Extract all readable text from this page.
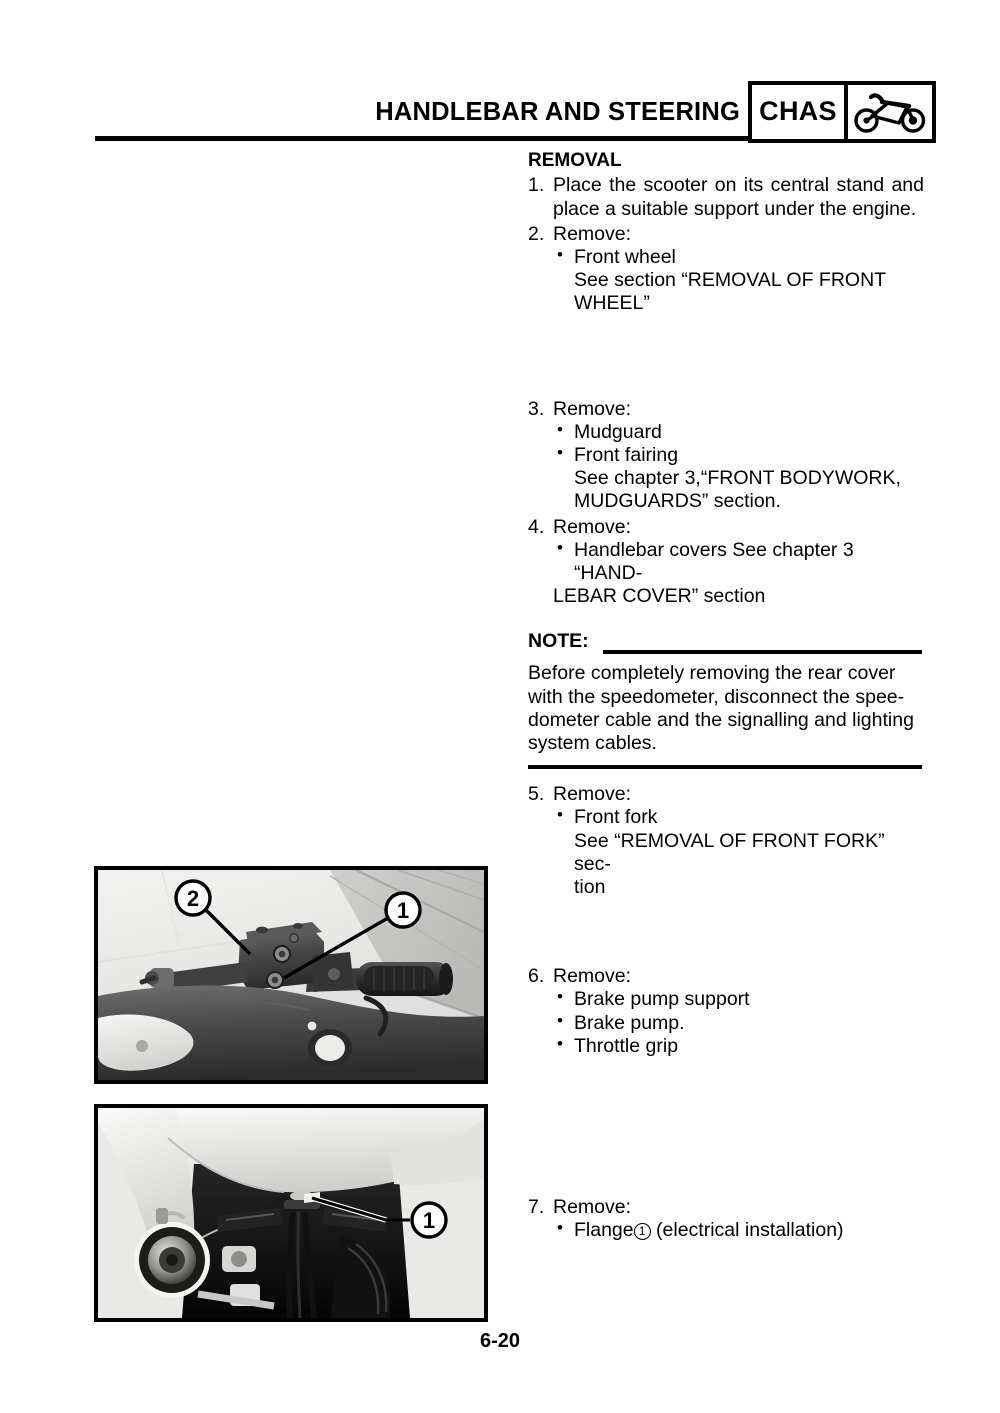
HANDLEBAR AND STEERING CHAS
2	1
1
REMOVAL
1. Place the scooter on its central stand and place a suitable support under the engine.
2. Remove:
• Front wheel
See section “REMOVAL OF FRONT
WHEEL”
3. Remove:
• Mudguard
• Front fairing
See chapter 3,“FRONT BODYWORK,
MUDGUARDS” section.
4. Remove:
• Handlebar covers See chapter 3 “HAND-
LEBAR COVER” section
NOTE:
Before completely removing the rear cover
with the speedometer, disconnect the spee-
dometer cable and the signalling and lighting
system cables.
5. Remove:
• Front fork
See “REMOVAL OF FRONT FORK” sec-
tion
6. Remove:
• Brake pump support
• Brake pump.
• Throttle grip
7. Remove:
• Flange 1 (electrical installation)
6-20
